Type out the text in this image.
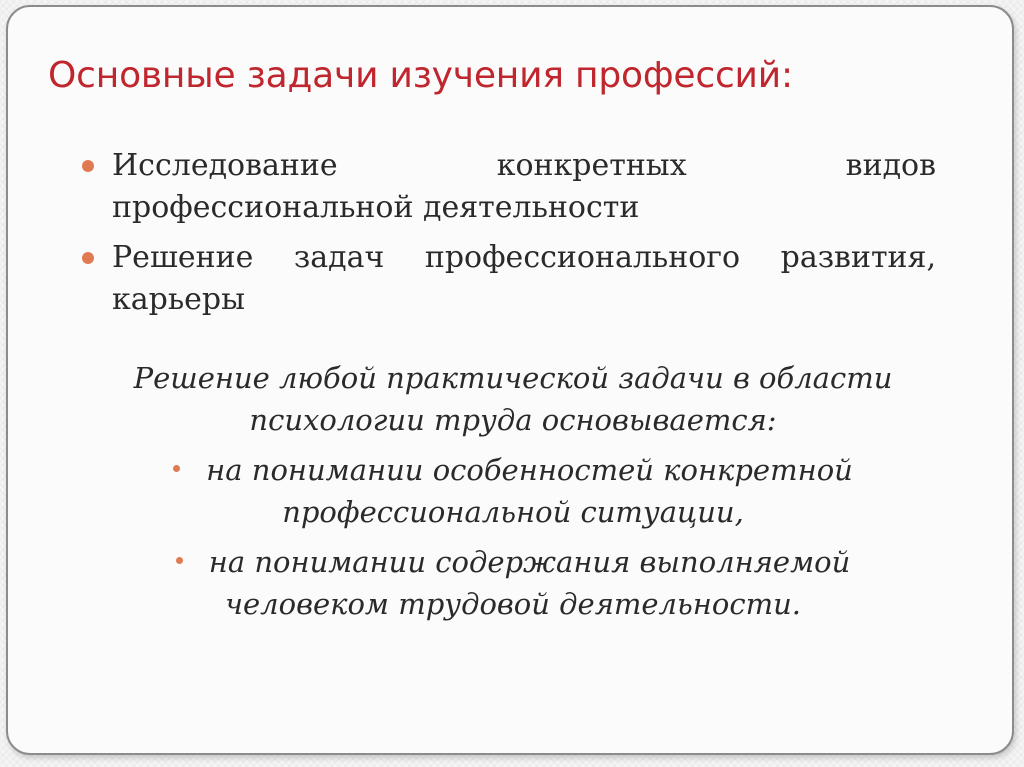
Основные задачи изучения профессий:
Исследование конкретных видов профессиональной деятельности
Решение задач профессионального развития, карьеры

Решение любой практической задачи в области психологии труда основывается:

на понимании особенностей конкретной профессиональной ситуации,
на понимании содержания выполняемой человеком трудовой деятельности.
